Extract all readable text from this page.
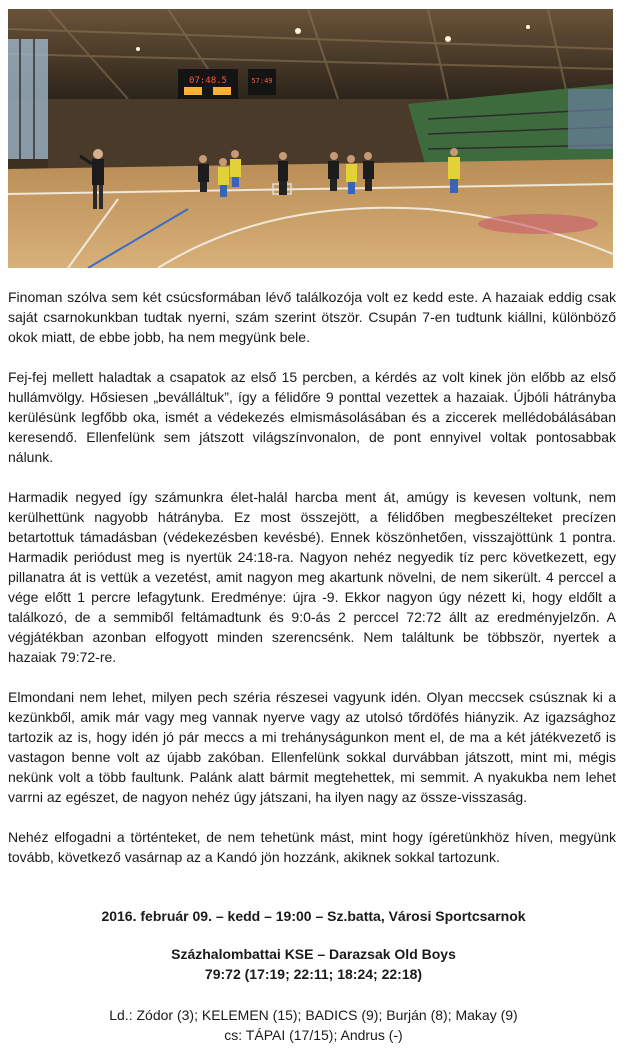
07:48.5	57:49

Finoman szólva sem két csúcsformában lévő találkozója volt ez kedd este. A hazaiak eddig csak saját csarnokunkban tudtak nyerni, szám szerint ötször. Csupán 7-en tudtunk kiállni, különböző okok miatt, de ebbe jobb, ha nem megyünk bele.

Fej-fej mellett haladtak a csapatok az első 15 percben, a kérdés az volt kinek jön előbb az első hullámvölgy. Hősiesen „beválláltuk”, így a félidőre 9 ponttal vezettek a hazaiak. Újbóli hátrányba kerülésünk legfőbb oka, ismét a védekezés elmismásolásában és a ziccerek mellédobálásában keresendő. Ellenfelünk sem játszott világszínvonalon, de pont ennyivel voltak pontosabbak nálunk.

Harmadik negyed így számunkra élet-halál harcba ment át, amúgy is kevesen voltunk, nem kerülhettünk nagyobb hátrányba. Ez most összejött, a félidőben megbeszélteket precízen betartottuk támadásban (védekezésben kevésbé). Ennek köszönhetően, visszajöttünk 1 pontra. Harmadik periódust meg is nyertük 24:18-ra. Nagyon nehéz negyedik tíz perc következett, egy pillanatra át is vettük a vezetést, amit nagyon meg akartunk növelni, de nem sikerült. 4 perccel a vége előtt 1 percre lefagytunk. Eredménye: újra -9. Ekkor nagyon úgy nézett ki, hogy eldőlt a találkozó, de a semmiből feltámadtunk és 9:0-ás 2 perccel 72:72 állt az eredményjelzőn. A végjátékban azonban elfogyott minden szerencsénk. Nem találtunk be többször, nyertek a hazaiak 79:72-re.

Elmondani nem lehet, milyen pech széria részesei vagyunk idén. Olyan meccsek csúsznak ki a kezünkből, amik már vagy meg vannak nyerve vagy az utolsó tőrdöfés hiányzik. Az igazsághoz tartozik az is, hogy idén jó pár meccs a mi trehányságunkon ment el, de ma a két játékvezető is vastagon benne volt az újabb zakóban. Ellenfelünk sokkal durvábban játszott, mint mi, mégis nekünk volt a több faultunk. Palánk alatt bármit megtehettek, mi semmit. A nyakukba nem lehet varrni az egészet, de nagyon nehéz úgy játszani, ha ilyen nagy az össze-visszaság.

Nehéz elfogadni a történteket, de nem tehetünk mást, mint hogy ígéretünkhöz híven, megyünk tovább, következő vasárnap az a Kandó jön hozzánk, akiknek sokkal tartozunk.

2016. február 09. – kedd – 19:00 – Sz.batta, Városi Sportcsarnok
Százhalombattai KSE – Darazsak Old Boys
79:72 (17:19; 22:11; 18:24; 22:18)
Ld.: Zódor (3); KELEMEN (15); BADICS (9); Burján (8); Makay (9)
cs: TÁPAI (17/15); Andrus (-)
